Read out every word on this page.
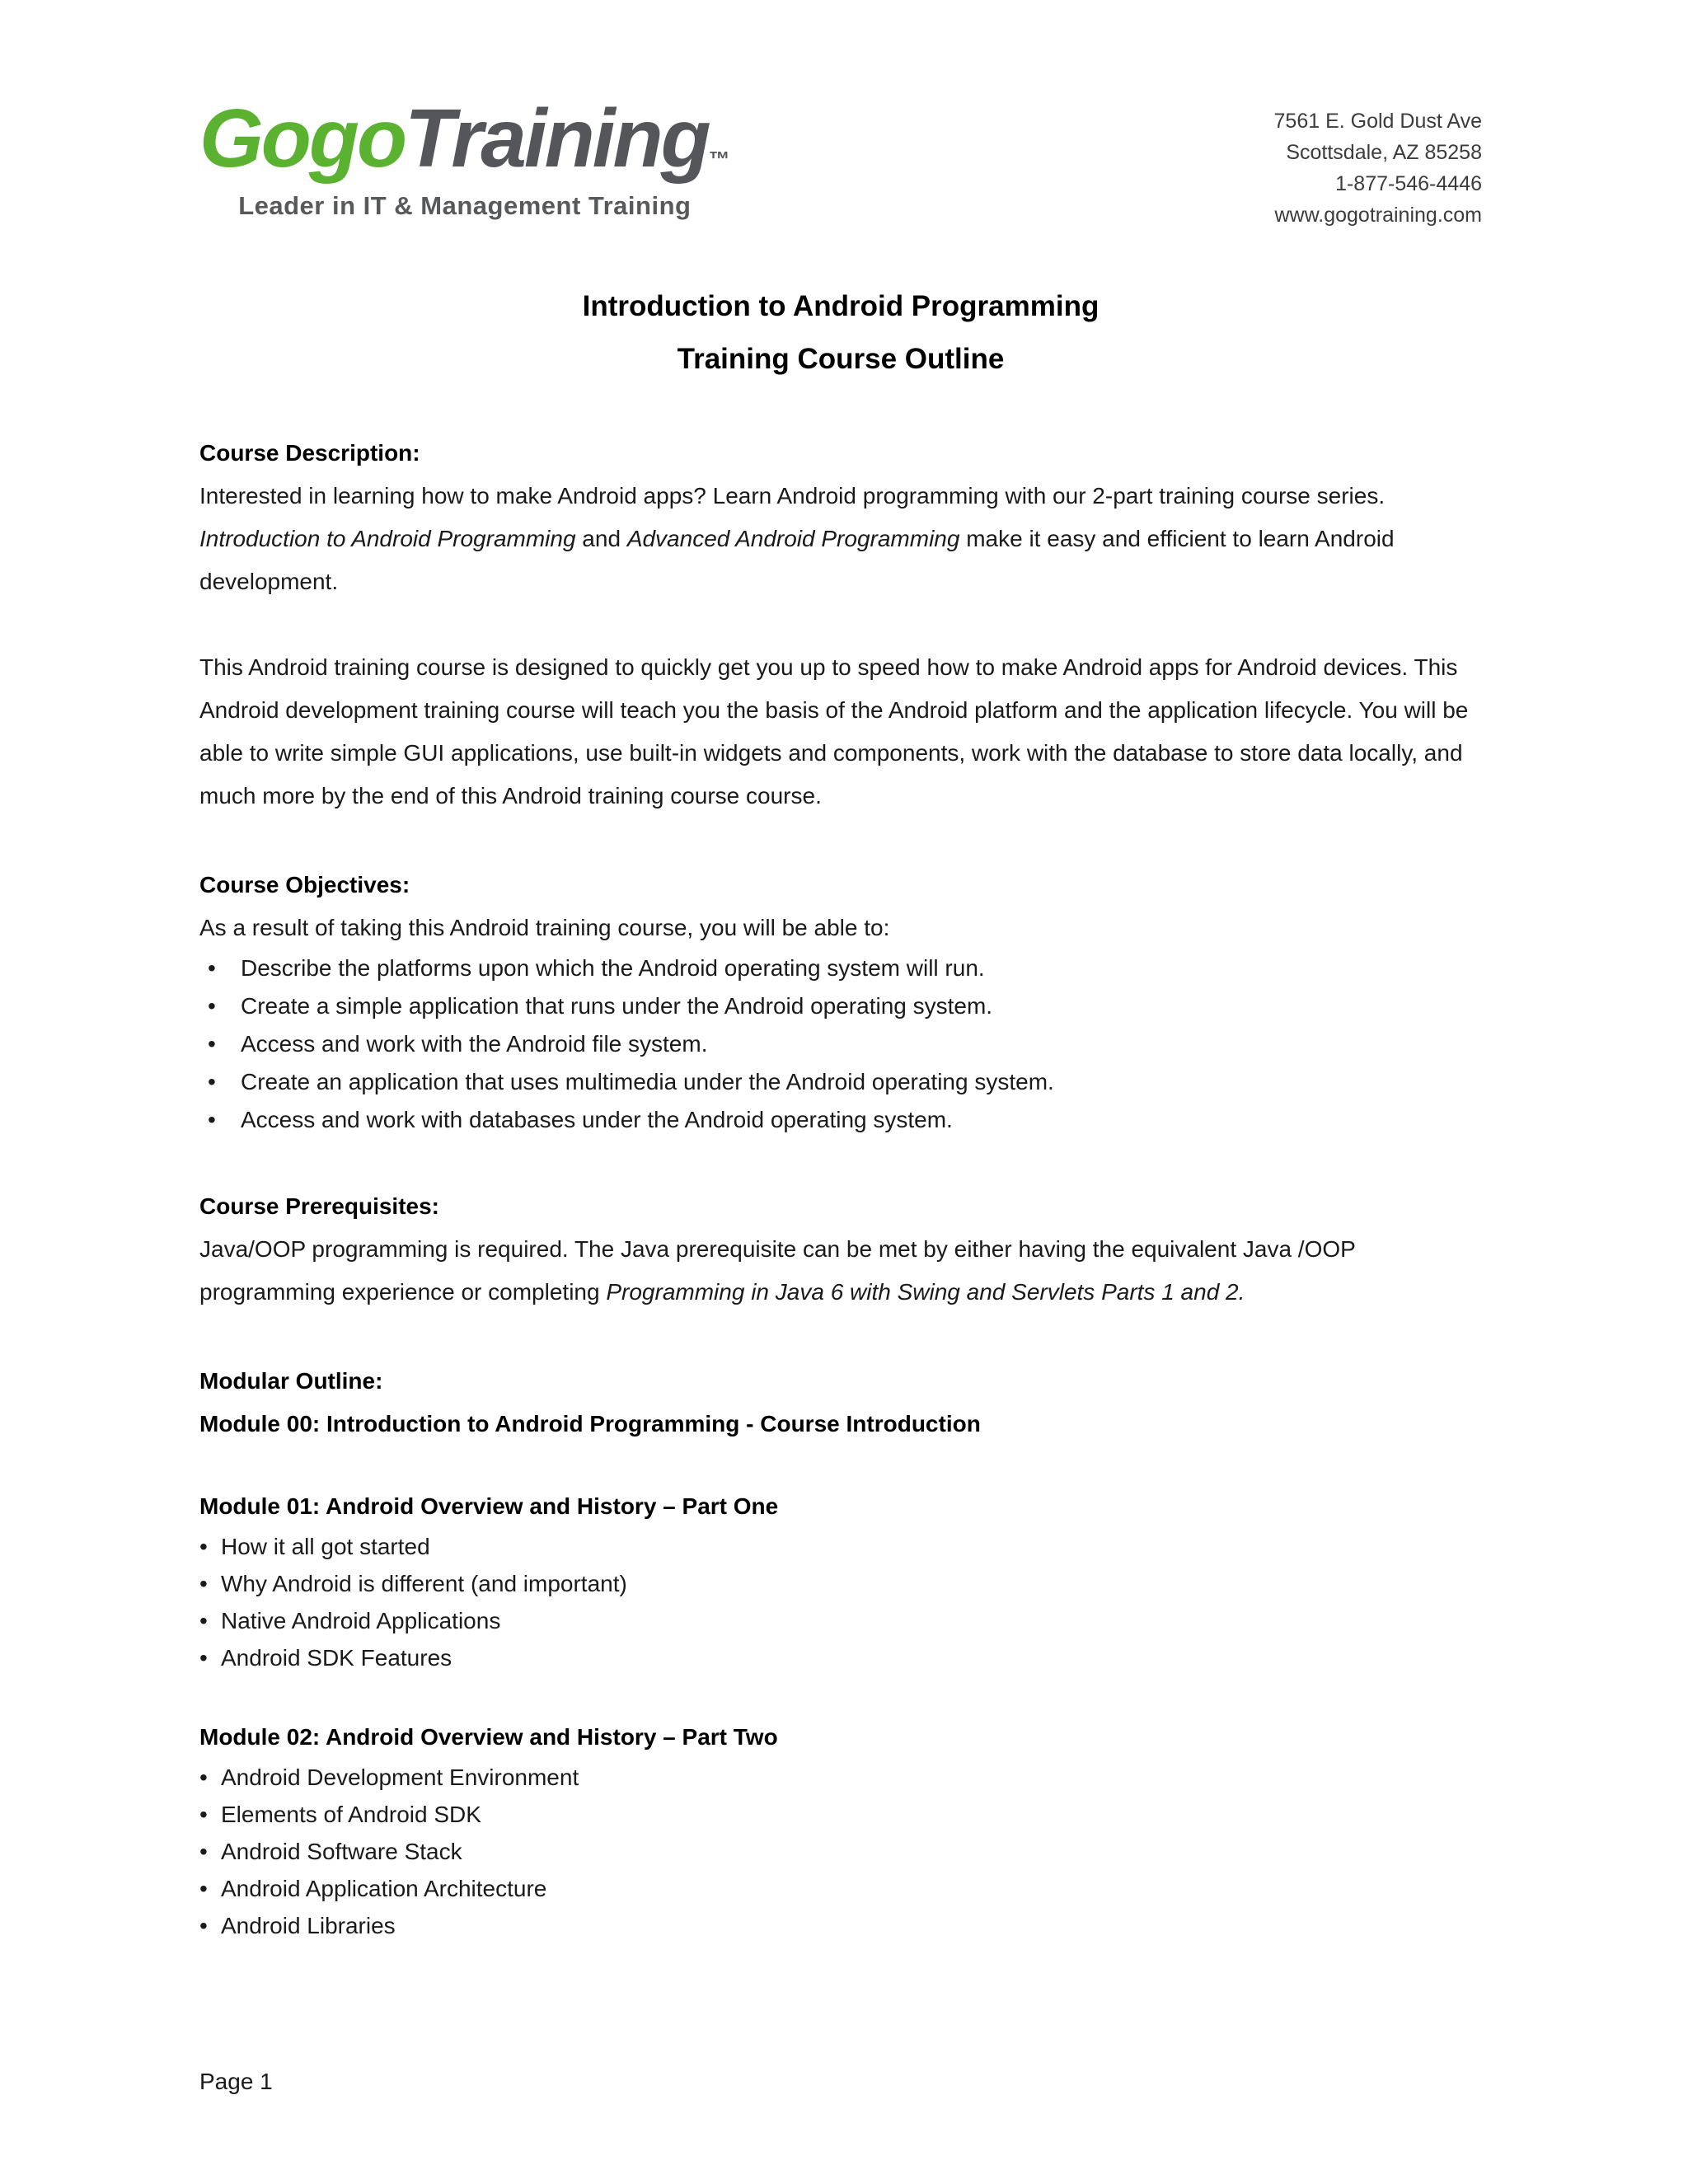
GogoTraining™
Leader in IT & Management Training
7561 E. Gold Dust Ave
Scottsdale, AZ 85258
1-877-546-4446
www.gogotraining.com
Introduction to Android Programming
Training Course Outline
Course Description:

Interested in learning how to make Android apps? Learn Android programming with our 2-part training course series. Introduction to Android Programming and Advanced Android Programming make it easy and efficient to learn Android development.

This Android training course is designed to quickly get you up to speed how to make Android apps for Android devices. This Android development training course will teach you the basis of the Android platform and the application lifecycle. You will be able to write simple GUI applications, use built-in widgets and components, work with the database to store data locally, and much more by the end of this Android training course course.

Course Objectives:
As a result of taking this Android training course, you will be able to:
• Describe the platforms upon which the Android operating system will run.
• Create a simple application that runs under the Android operating system.
• Access and work with the Android file system.
• Create an application that uses multimedia under the Android operating system.
• Access and work with databases under the Android operating system.
Course Prerequisites:

Java/OOP programming is required. The Java prerequisite can be met by either having the equivalent Java /OOP programming experience or completing Programming in Java 6 with Swing and Servlets Parts 1 and 2.

Modular Outline:
Module 00: Introduction to Android Programming - Course Introduction
Module 01: Android Overview and History – Part One
• How it all got started
• Why Android is different (and important)
• Native Android Applications
• Android SDK Features
Module 02: Android Overview and History – Part Two
• Android Development Environment
• Elements of Android SDK
• Android Software Stack
• Android Application Architecture
• Android Libraries
Page 1
